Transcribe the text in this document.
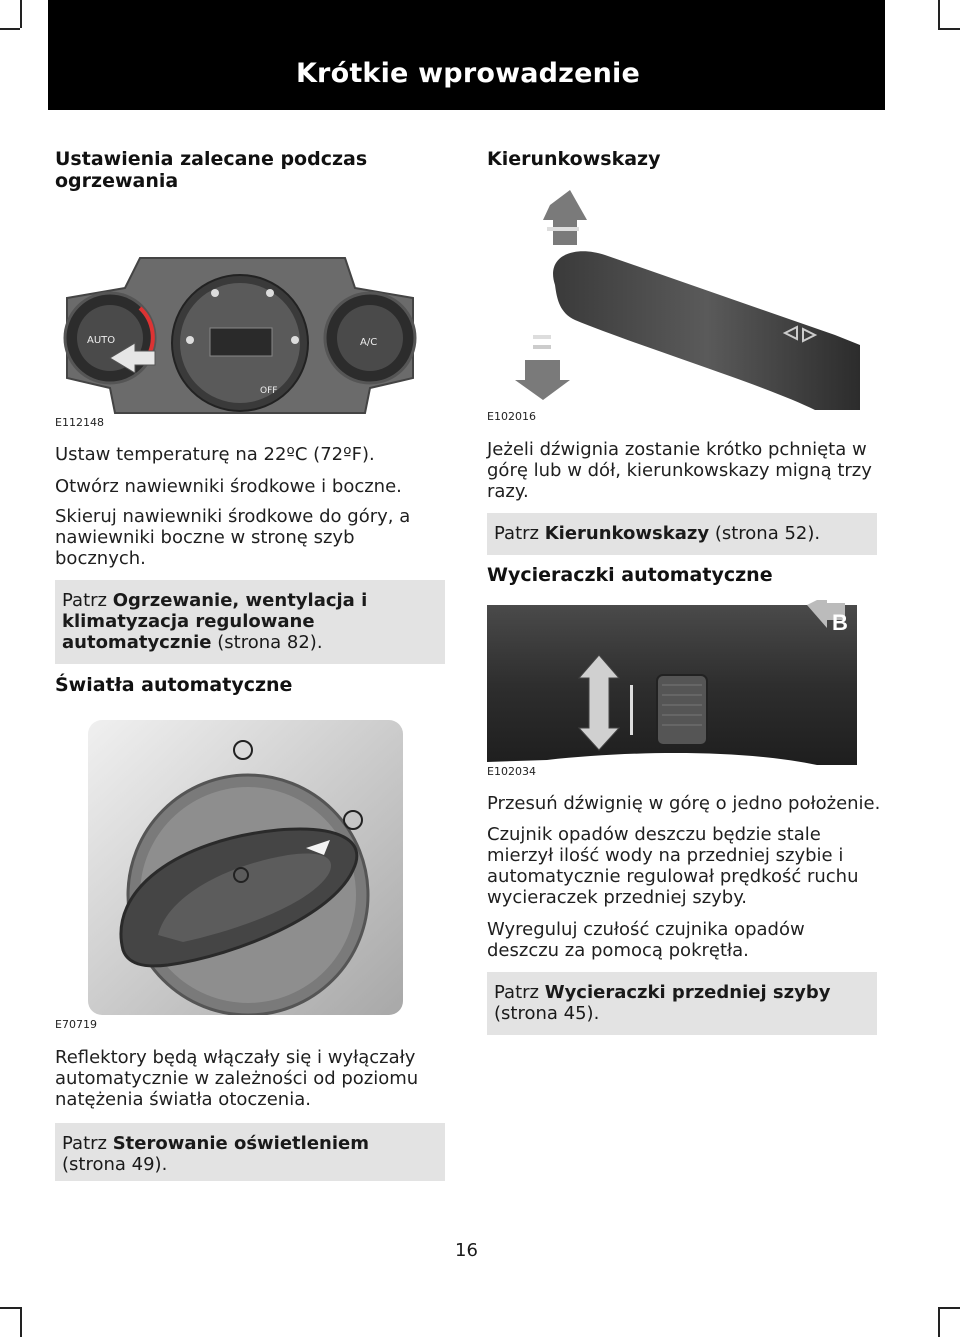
Krótkie wprowadzenie
Ustawienia zalecane podczas ogrzewania
AUTO	A/C
OFF
E112148
Ustaw temperaturę na 22ºC (72ºF).
Otwórz nawiewniki środkowe i boczne.
Skieruj nawiewniki środkowe do góry, a nawiewniki boczne w stronę szyb bocznych.
Patrz Ogrzewanie, wentylacja i klimatyzacja regulowane automatycznie (strona 82).
Światła automatyczne
E70719
Reflektory będą włączały się i wyłączały automatycznie w zależności od poziomu natężenia światła otoczenia.
Patrz Sterowanie oświetleniem (strona 49).
Kierunkowskazy
E102016
Jeżeli dźwignia zostanie krótko pchnięta w górę lub w dół, kierunkowskazy migną trzy razy.
Patrz Kierunkowskazy (strona 52).
Wycieraczki automatyczne
B
E102034
Przesuń dźwignię w górę o jedno położenie.
Czujnik opadów deszczu będzie stale mierzył ilość wody na przedniej szybie i automatycznie regulował prędkość ruchu wycieraczek przedniej szyby.
Wyreguluj czułość czujnika opadów deszczu za pomocą pokrętła.
Patrz Wycieraczki przedniej szyby (strona 45).
16
